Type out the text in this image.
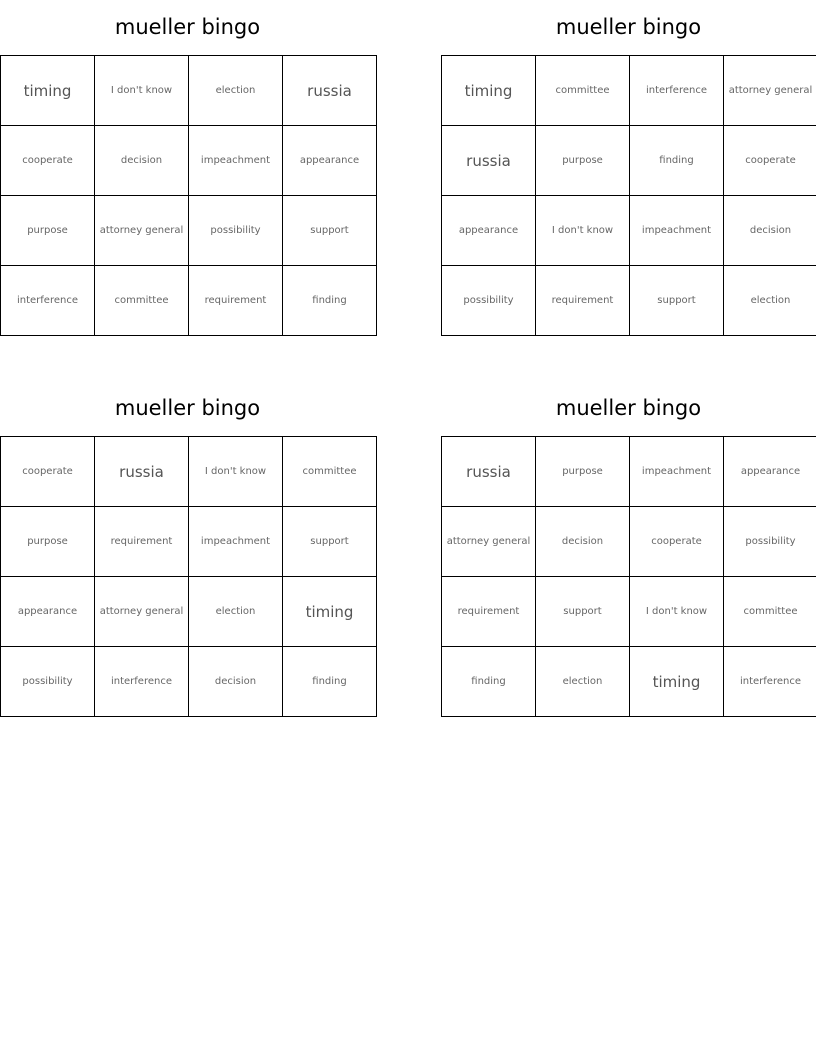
mueller bingo
timing	I don't know	election	russia
cooperate	decision	impeachment	appearance
purpose	attorney general	possibility	support
interference	committee	requirement	finding
mueller bingo
timing	committee	interference	attorney general
russia	purpose	finding	cooperate
appearance	I don't know	impeachment	decision
possibility	requirement	support	election
mueller bingo
cooperate	russia	I don't know	committee
purpose	requirement	impeachment	support
appearance	attorney general	election	timing
possibility	interference	decision	finding
mueller bingo
russia	purpose	impeachment	appearance
attorney general	decision	cooperate	possibility
requirement	support	I don't know	committee
finding	election	timing	interference
